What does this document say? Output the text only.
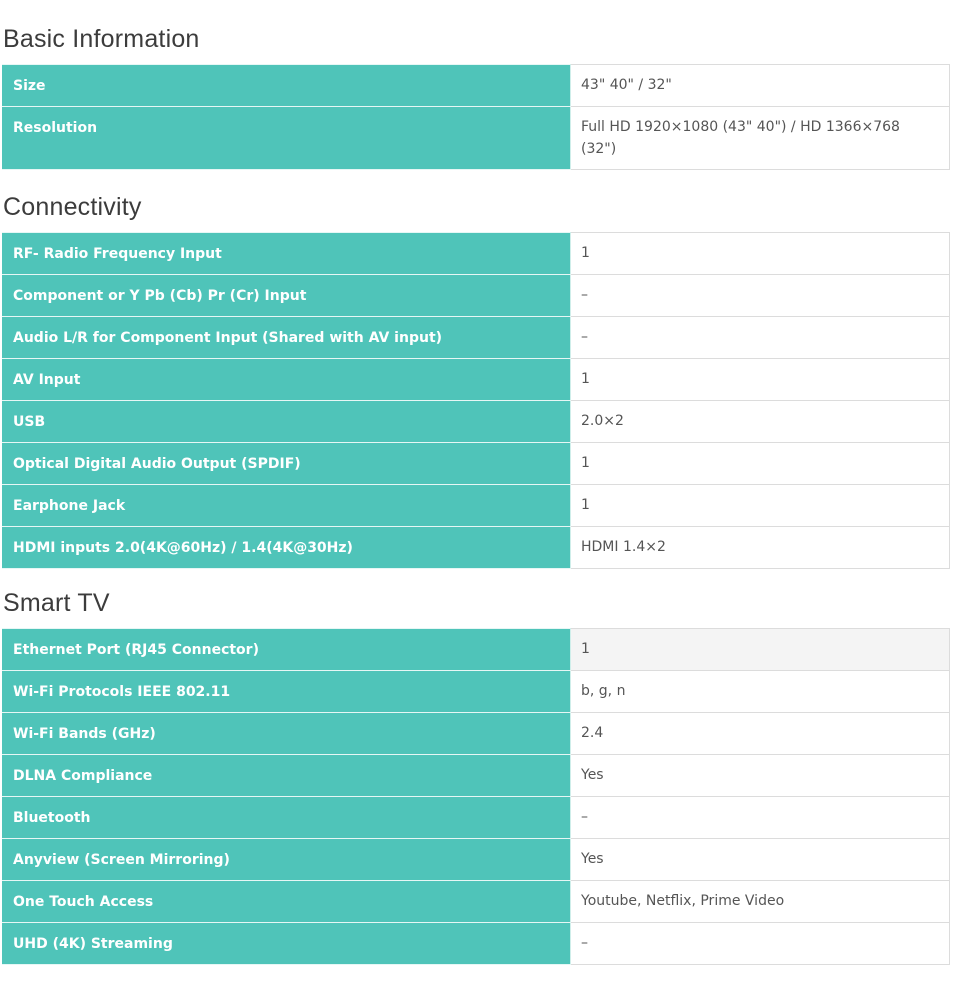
Basic Information
Size	43" 40" / 32"
Resolution	Full HD 1920×1080 (43" 40") / HD 1366×768 (32")
Connectivity
RF- Radio Frequency Input	1
Component or Y Pb (Cb) Pr (Cr) Input	–
Audio L/R for Component Input (Shared with AV input)	–
AV Input	1
USB	2.0×2
Optical Digital Audio Output (SPDIF)	1
Earphone Jack	1
HDMI inputs 2.0(4K@60Hz) / 1.4(4K@30Hz)	HDMI 1.4×2
Smart TV
Ethernet Port (RJ45 Connector)	1
Wi-Fi Protocols IEEE 802.11	b, g, n
Wi-Fi Bands (GHz)	2.4
DLNA Compliance	Yes
Bluetooth	–
Anyview (Screen Mirroring)	Yes
One Touch Access	Youtube, Netflix, Prime Video
UHD (4K) Streaming	–
